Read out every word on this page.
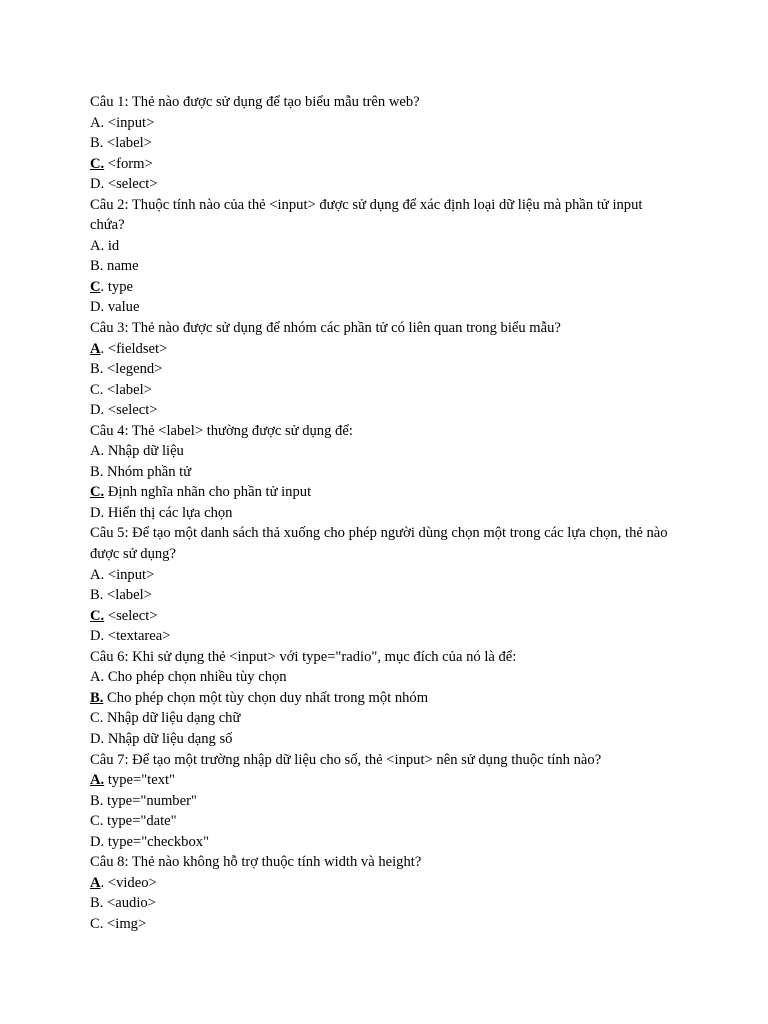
Câu 1: Thẻ nào được sử dụng để tạo biểu mẫu trên web?

A. <input>

B. <label>

C. <form>

D. <select>

Câu 2: Thuộc tính nào của thẻ <input> được sử dụng để xác định loại dữ liệu mà phần tử input chứa?

A. id

B. name

C. type

D. value

Câu 3: Thẻ nào được sử dụng để nhóm các phần tử có liên quan trong biểu mẫu?

A. <fieldset>

B. <legend>

C. <label>

D. <select>

Câu 4: Thẻ <label> thường được sử dụng để:

A. Nhập dữ liệu

B. Nhóm phần tử

C. Định nghĩa nhãn cho phần tử input

D. Hiển thị các lựa chọn

Câu 5: Để tạo một danh sách thả xuống cho phép người dùng chọn một trong các lựa chọn, thẻ nào được sử dụng?

A. <input>

B. <label>

C. <select>

D. <textarea>

Câu 6: Khi sử dụng thẻ <input> với type="radio", mục đích của nó là để:

A. Cho phép chọn nhiều tùy chọn

B. Cho phép chọn một tùy chọn duy nhất trong một nhóm

C. Nhập dữ liệu dạng chữ

D. Nhập dữ liệu dạng số

Câu 7: Để tạo một trường nhập dữ liệu cho số, thẻ <input> nên sử dụng thuộc tính nào?

A. type="text"

B. type="number"

C. type="date"

D. type="checkbox"

Câu 8: Thẻ nào không hỗ trợ thuộc tính width và height?

A. <video>

B. <audio>

C. <img>
